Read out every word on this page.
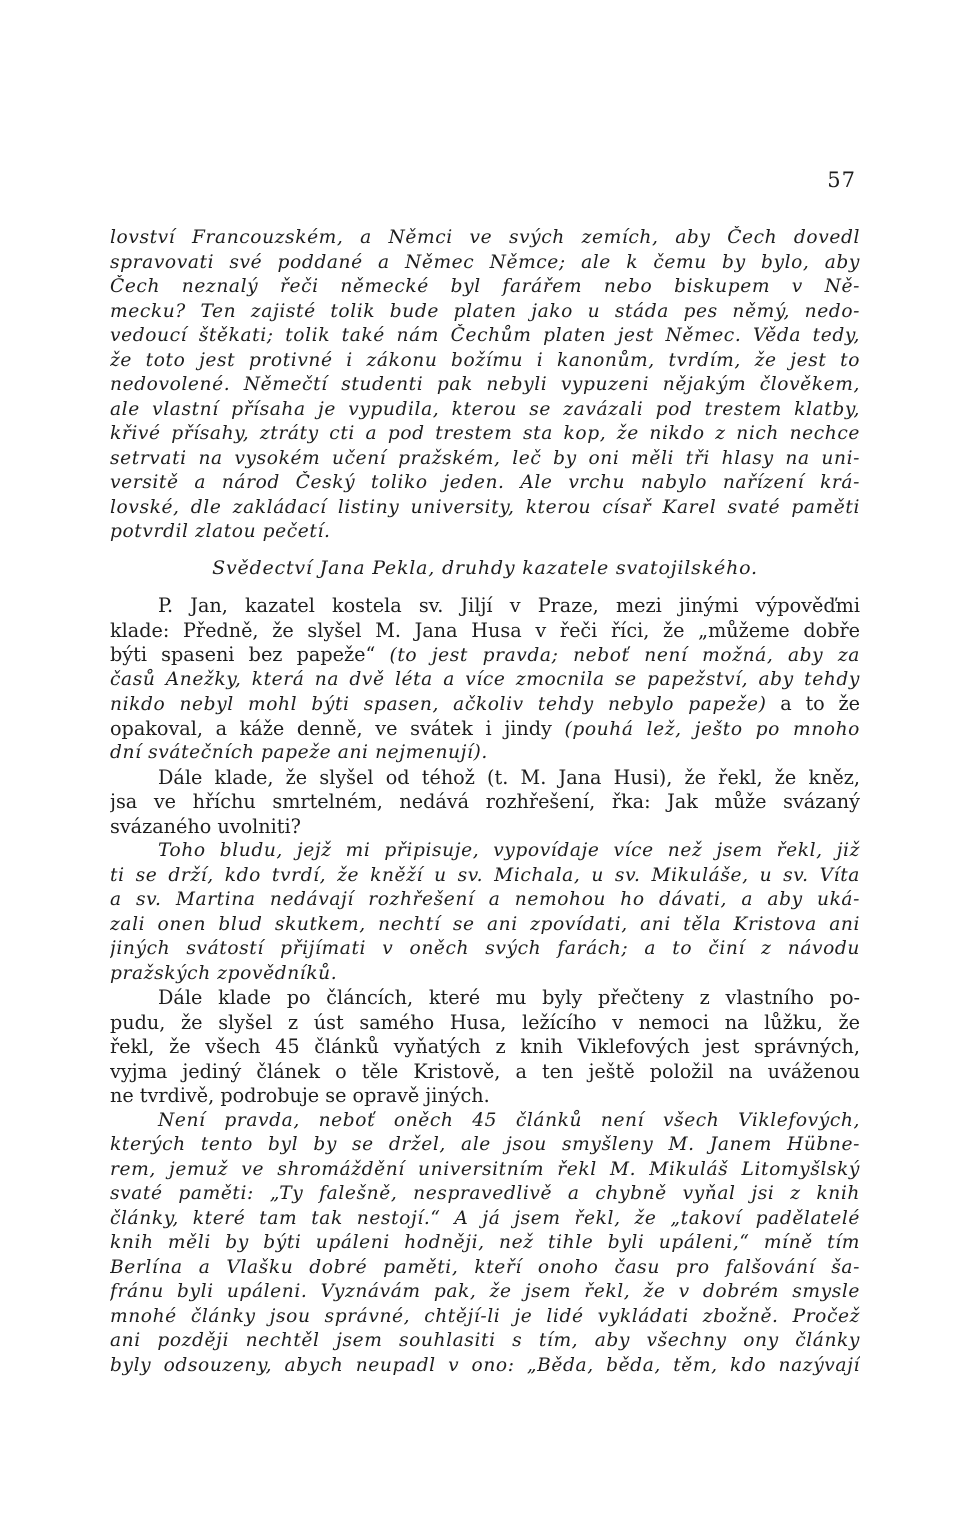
57
lovství Francouzském, a Němci ve svých zemích, aby Čech dovedl
spravovati své poddané a Němec Němce; ale k čemu by bylo, aby
Čech neznalý řeči německé byl farářem nebo biskupem v Ně-
mecku? Ten zajisté tolik bude platen jako u stáda pes němý, nedo-
vedoucí štěkati; tolik také nám Čechům platen jest Němec. Věda tedy,
že toto jest protivné i zákonu božímu i kanonům, tvrdím, že jest to
nedovolené. Němečtí studenti pak nebyli vypuzeni nějakým člověkem,
ale vlastní přísaha je vypudila, kterou se zavázali pod trestem klatby,
křivé přísahy, ztráty cti a pod trestem sta kop, že nikdo z nich nechce
setrvati na vysokém učení pražském, leč by oni měli tři hlasy na uni-
versitě a národ Český toliko jeden. Ale vrchu nabylo nařízení krá-
lovské, dle zakládací listiny university, kterou císař Karel svaté paměti
potvrdil zlatou pečetí.
Svědectví Jana Pekla, druhdy kazatele svatojilského.
P. Jan, kazatel kostela sv. Jiljí v Praze, mezi jinými výpověďmi
klade: Předně, že slyšel M. Jana Husa v řeči říci, že „můžeme dobře
býti spaseni bez papeže“ (to jest pravda; neboť není možná, aby za
časů Anežky, která na dvě léta a více zmocnila se papežství, aby tehdy
nikdo nebyl mohl býti spasen, ačkoliv tehdy nebylo papeže) a to že
opakoval, a káže denně, ve svátek i jindy (pouhá lež, ješto po mnoho
dní svátečních papeže ani nejmenují).
Dále klade, že slyšel od téhož (t. M. Jana Husi), že řekl, že kněz,
jsa ve hříchu smrtelném, nedává rozhřešení, řka: Jak může svázaný
svázaného uvolniti?
Toho bludu, jejž mi připisuje, vypovídaje více než jsem řekl, již
ti se drží, kdo tvrdí, že kněží u sv. Michala, u sv. Mikuláše, u sv. Víta
a sv. Martina nedávají rozhřešení a nemohou ho dávati, a aby uká-
zali onen blud skutkem, nechtí se ani zpovídati, ani těla Kristova ani
jiných svátostí přijímati v oněch svých farách; a to činí z návodu
pražských zpovědníků.
Dále klade po článcích, které mu byly přečteny z vlastního po-
pudu, že slyšel z úst samého Husa, ležícího v nemoci na lůžku, že
řekl, že všech 45 článků vyňatých z knih Viklefových jest správných,
vyjma jediný článek o těle Kristově, a ten ještě položil na uváženou
ne tvrdivě, podrobuje se opravě jiných.
Není pravda, neboť oněch 45 článků není všech Viklefových,
kterých tento byl by se držel, ale jsou smyšleny M. Janem Hübne-
rem, jemuž ve shromáždění universitním řekl M. Mikuláš Litomyšlský
svaté paměti: „Ty falešně, nespravedlivě a chybně vyňal jsi z knih
články, které tam tak nestojí.“ A já jsem řekl, že „takoví padělatelé
knih měli by býti upáleni hodněji, než tihle byli upáleni,“ míně tím
Berlína a Vlašku dobré paměti, kteří onoho času pro falšování ša-
fránu byli upáleni. Vyznávám pak, že jsem řekl, že v dobrém smysle
mnohé články jsou správné, chtějí-li je lidé vykládati zbožně. Pročež
ani později nechtěl jsem souhlasiti s tím, aby všechny ony články
byly odsouzeny, abych neupadl v ono: „Běda, běda, těm, kdo nazývají
